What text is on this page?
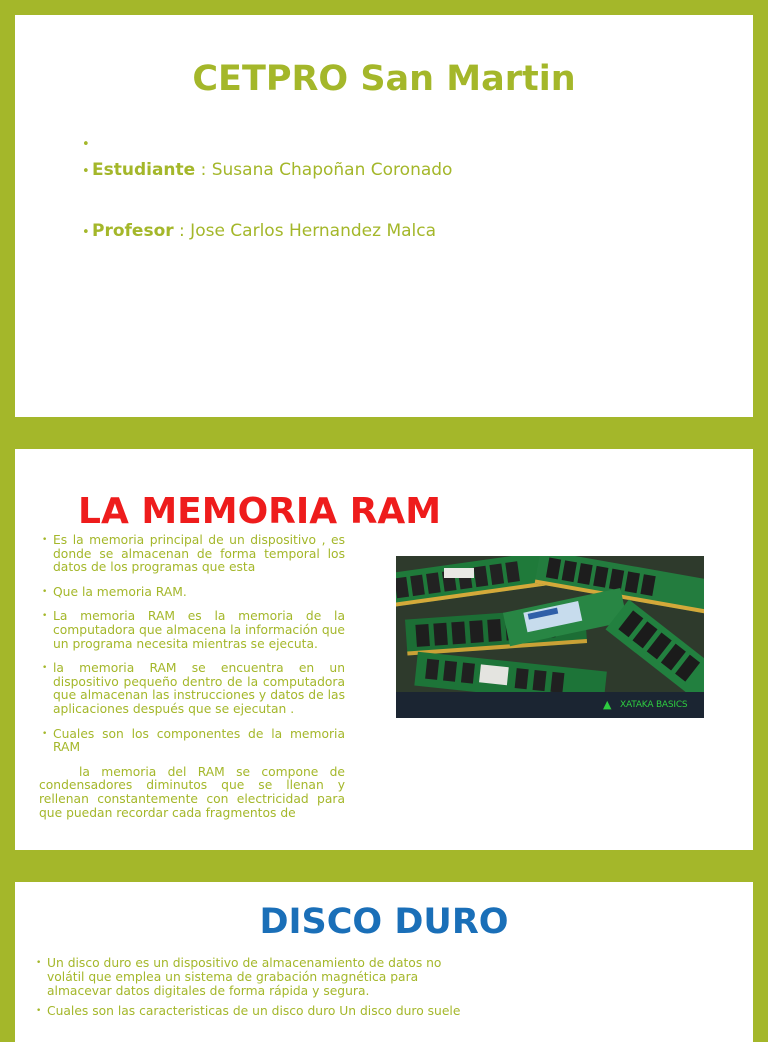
CETPRO San Martin
•
• Estudiante : Susana Chapoñan Coronado
• Profesor : Jose Carlos Hernandez Malca
LA MEMORIA RAM
• Es la memoria principal de un dispositivo , es donde se almacenan de forma temporal los datos de los programas que esta
• Que la memoria RAM.
• La memoria RAM es la memoria de la computadora que almacena la información que un programa necesita mientras se ejecuta.
• la memoria RAM se encuentra en un dispositivo pequeño dentro de la computadora que almacenan las instrucciones y datos de las aplicaciones después que se ejecutan .
• Cuales son los componentes de la memoria RAM
la memoria del RAM se compone de condensadores diminutos que se llenan y rellenan constantemente con electricidad para que puedan recordar cada fragmentos de
▲ XATAKA BASICS
DISCO DURO
• Un disco duro es un dispositivo de almacenamiento de datos no volátil que emplea un sistema de grabación magnética para almacevar datos digitales de forma rápida y segura.
• Cuales son las caracteristicas de un disco duro Un disco duro suele
